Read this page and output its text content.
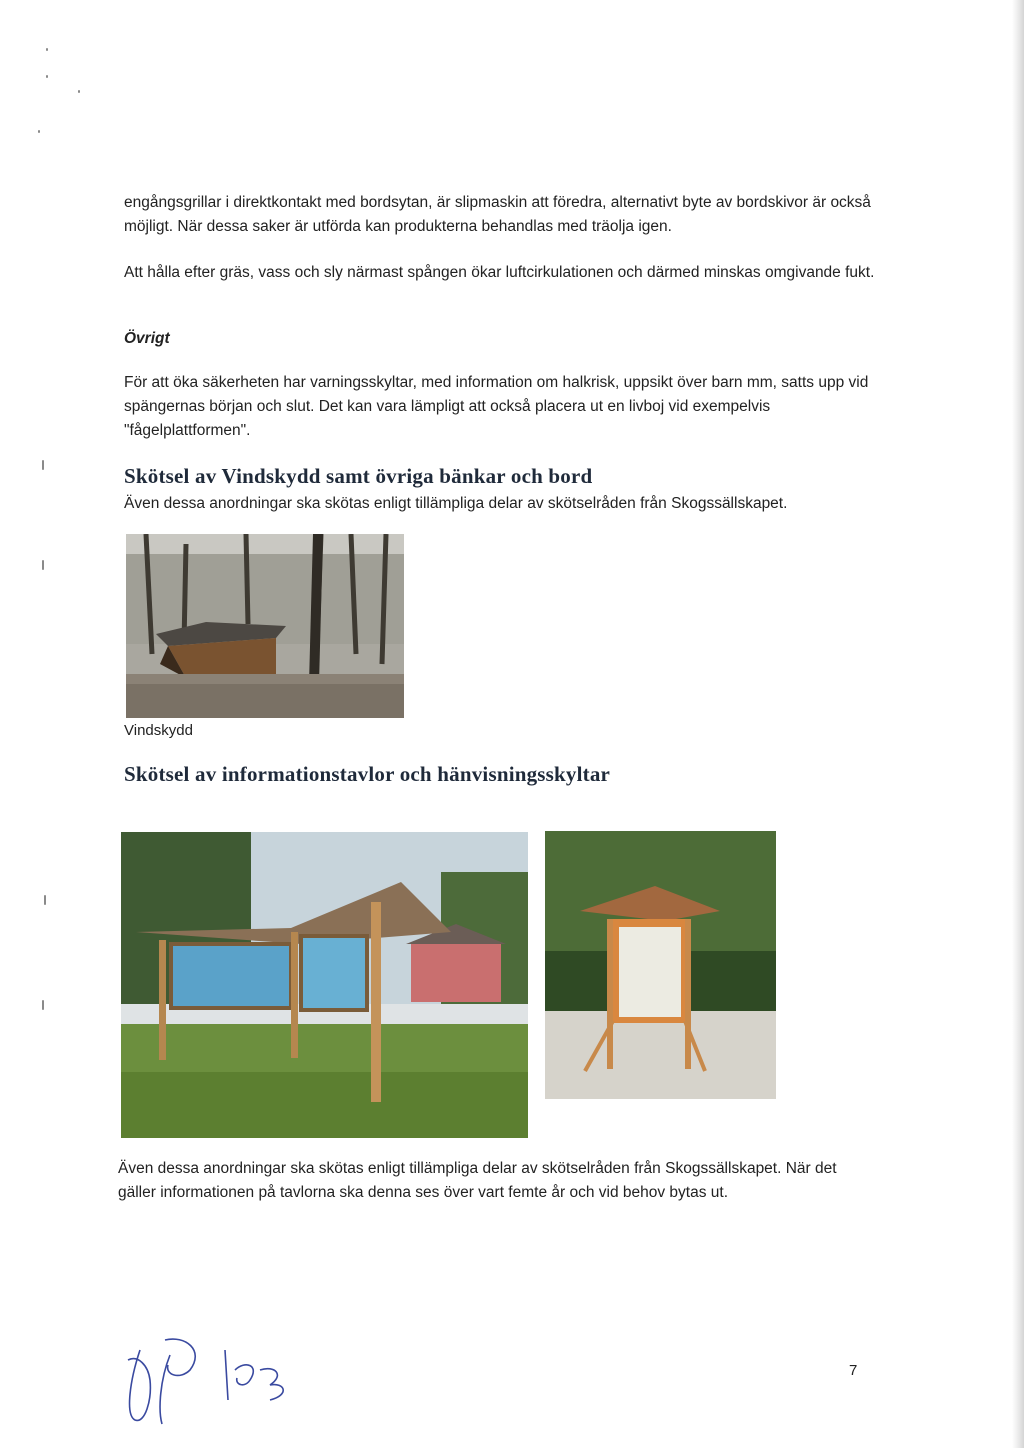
engångsgrillar i direktkontakt med bordsytan, är slipmaskin att föredra, alternativt byte av bordskivor är också möjligt. När dessa saker är utförda kan produkterna behandlas med träolja igen.

Att hålla efter gräs, vass och sly närmast spången ökar luftcirkulationen och därmed minskas omgivande fukt.

Övrigt

För att öka säkerheten har varningsskyltar, med information om halkrisk, uppsikt över barn mm, satts upp vid spängernas början och slut. Det kan vara lämpligt att också placera ut en livboj vid exempelvis "fågelplattformen".

Skötsel av Vindskydd samt övriga bänkar och bord

Även dessa anordningar ska skötas enligt tillämpliga delar av skötselråden från Skogssällskapet.

Vindskydd
Skötsel av informationstavlor och hänvisningsskyltar

Även dessa anordningar ska skötas enligt tillämpliga delar av skötselråden från Skogssällskapet. När det gäller informationen på tavlorna ska denna ses över vart femte år och vid behov bytas ut.

7
